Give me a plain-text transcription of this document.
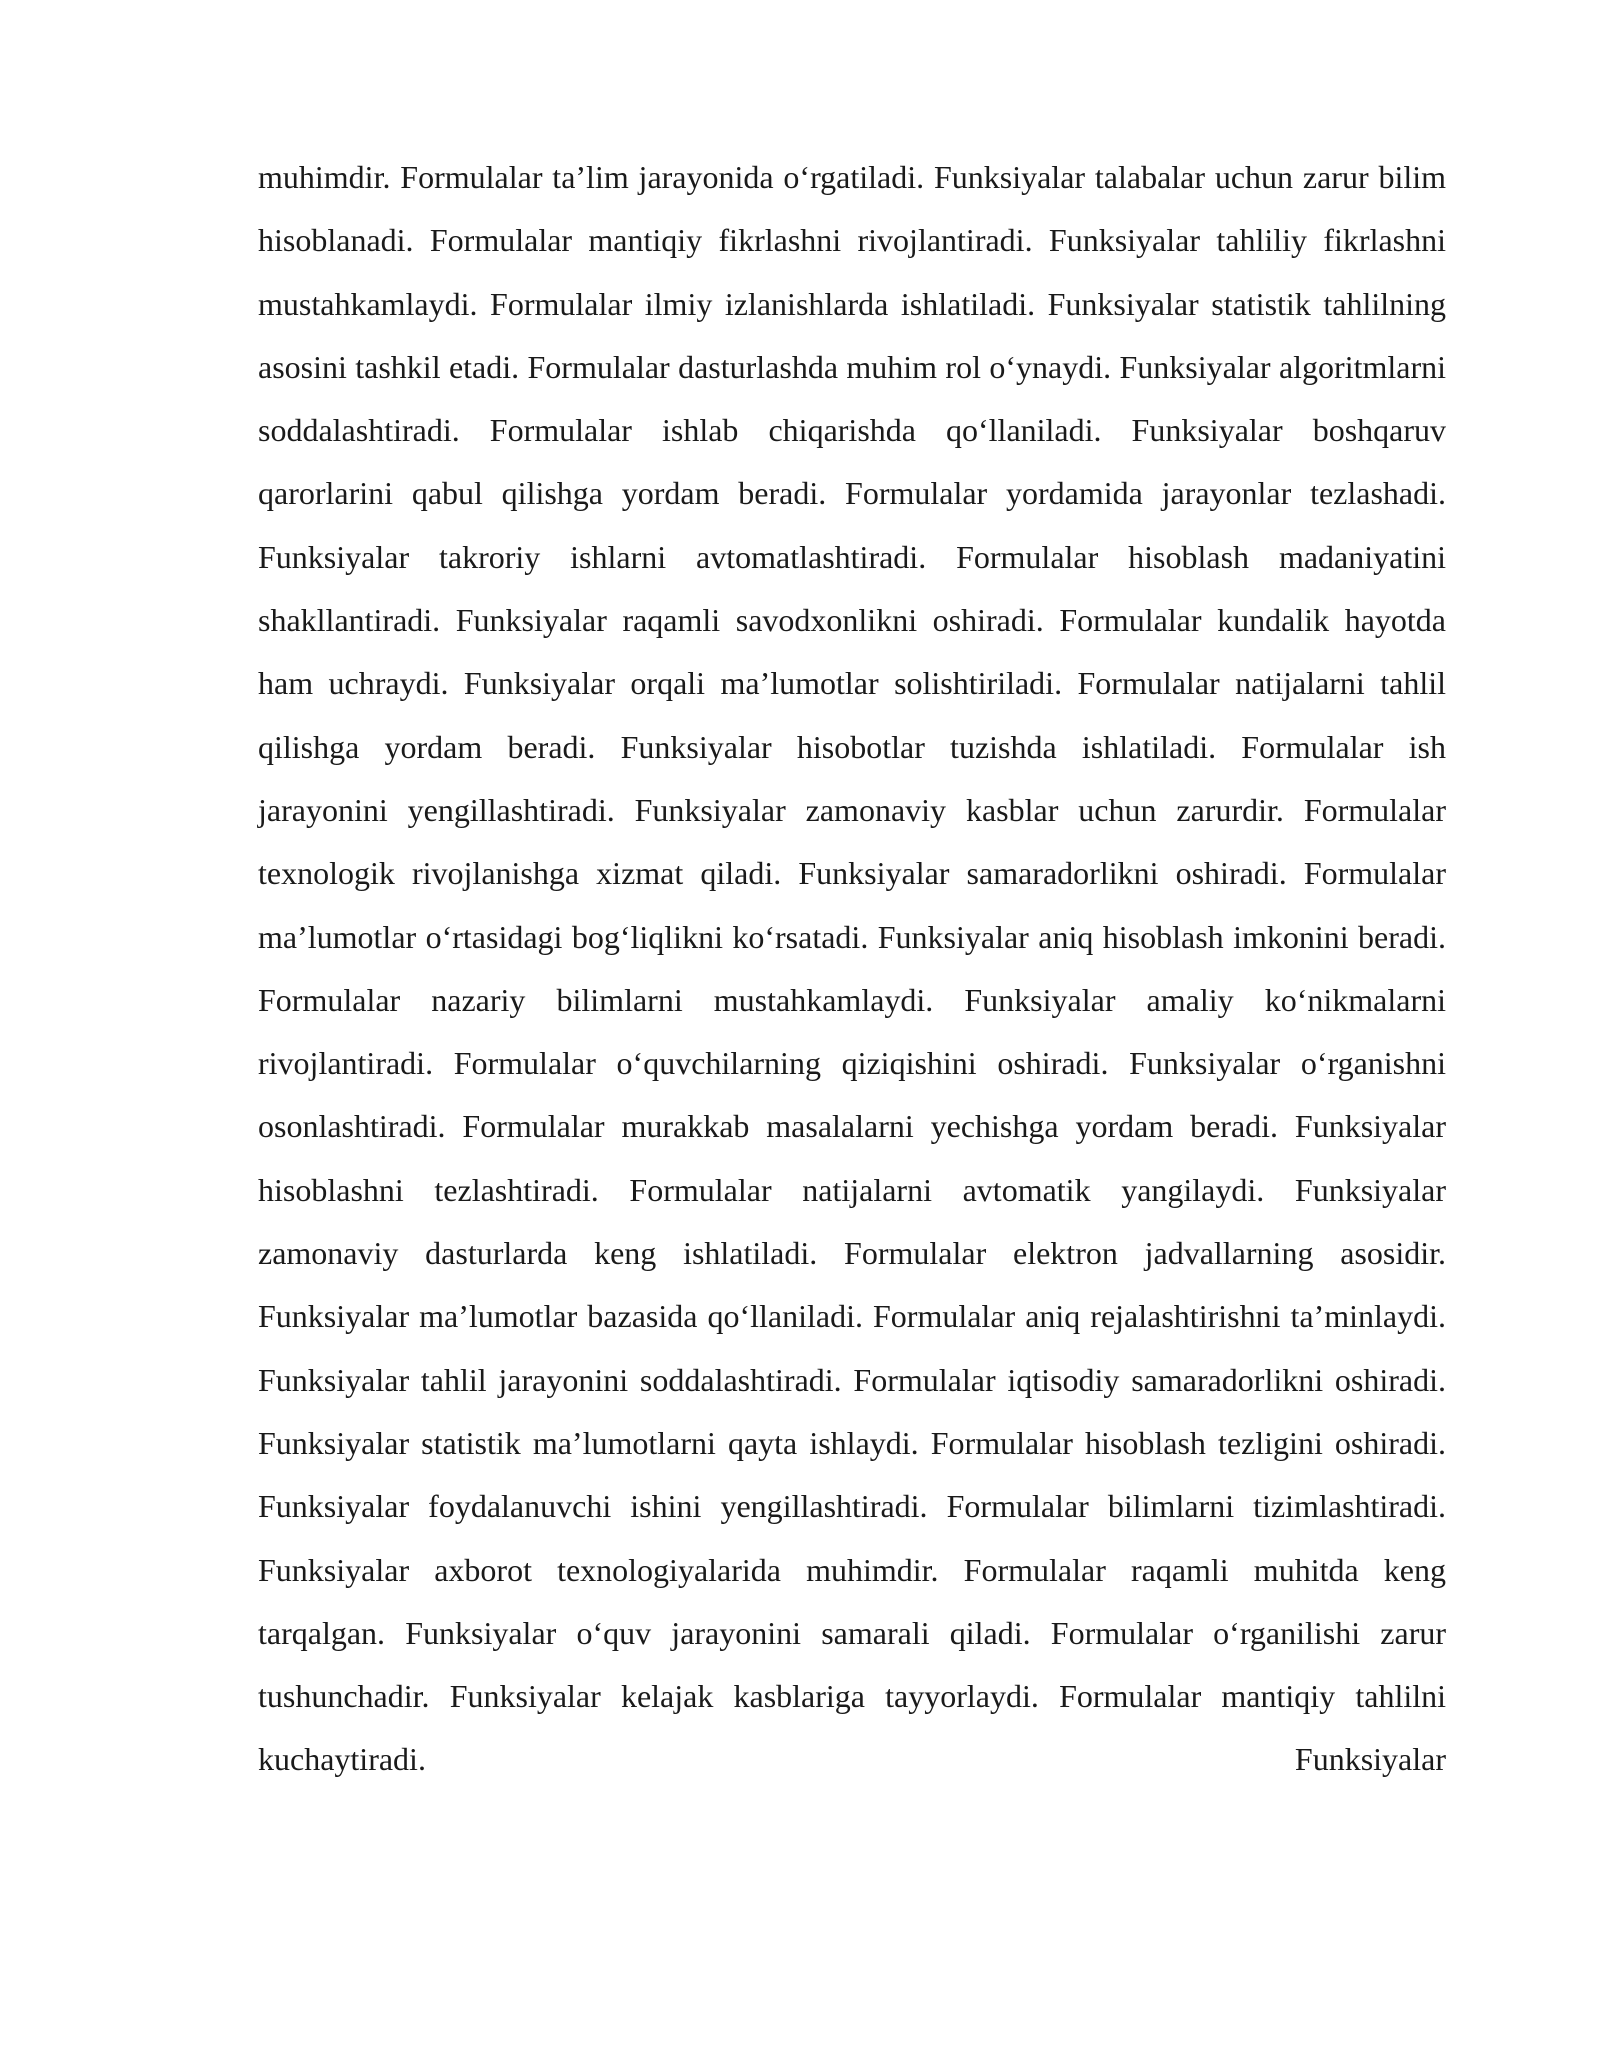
muhimdir. Formulalar ta’lim jarayonida o‘rgatiladi. Funksiyalar talabalar uchun zarur bilim hisoblanadi. Formulalar mantiqiy fikrlashni rivojlantiradi. Funksiyalar tahliliy fikrlashni mustahkamlaydi. Formulalar ilmiy izlanishlarda ishlatiladi. Funksiyalar statistik tahlilning asosini tashkil etadi. Formulalar dasturlashda muhim rol o‘ynaydi. Funksiyalar algoritmlarni soddalashtiradi. Formulalar ishlab chiqarishda qo‘llaniladi. Funksiyalar boshqaruv qarorlarini qabul qilishga yordam beradi. Formulalar yordamida jarayonlar tezlashadi. Funksiyalar takroriy ishlarni avtomatlashtiradi. Formulalar hisoblash madaniyatini shakllantiradi. Funksiyalar raqamli savodxonlikni oshiradi. Formulalar kundalik hayotda ham uchraydi. Funksiyalar orqali ma’lumotlar solishtiriladi. Formulalar natijalarni tahlil qilishga yordam beradi. Funksiyalar hisobotlar tuzishda ishlatiladi. Formulalar ish jarayonini yengillashtiradi. Funksiyalar zamonaviy kasblar uchun zarurdir. Formulalar texnologik rivojlanishga xizmat qiladi. Funksiyalar samaradorlikni oshiradi. Formulalar ma’lumotlar o‘rtasidagi bog‘liqlikni ko‘rsatadi. Funksiyalar aniq hisoblash imkonini beradi. Formulalar nazariy bilimlarni mustahkamlaydi. Funksiyalar amaliy ko‘nikmalarni rivojlantiradi. Formulalar o‘quvchilarning qiziqishini oshiradi. Funksiyalar o‘rganishni osonlashtiradi. Formulalar murakkab masalalarni yechishga yordam beradi. Funksiyalar hisoblashni tezlashtiradi. Formulalar natijalarni avtomatik yangilaydi. Funksiyalar zamonaviy dasturlarda keng ishlatiladi. Formulalar elektron jadvallarning asosidir. Funksiyalar ma’lumotlar bazasida qo‘llaniladi. Formulalar aniq rejalashtirishni ta’minlaydi. Funksiyalar tahlil jarayonini soddalashtiradi. Formulalar iqtisodiy samaradorlikni oshiradi. Funksiyalar statistik ma’lumotlarni qayta ishlaydi. Formulalar hisoblash tezligini oshiradi. Funksiyalar foydalanuvchi ishini yengillashtiradi. Formulalar bilimlarni tizimlashtiradi. Funksiyalar axborot texnologiyalarida muhimdir. Formulalar raqamli muhitda keng tarqalgan. Funksiyalar o‘quv jarayonini samarali qiladi. Formulalar o‘rganilishi zarur tushunchadir. Funksiyalar kelajak kasblariga tayyorlaydi. Formulalar mantiqiy tahlilni kuchaytiradi. Funksiyalar
